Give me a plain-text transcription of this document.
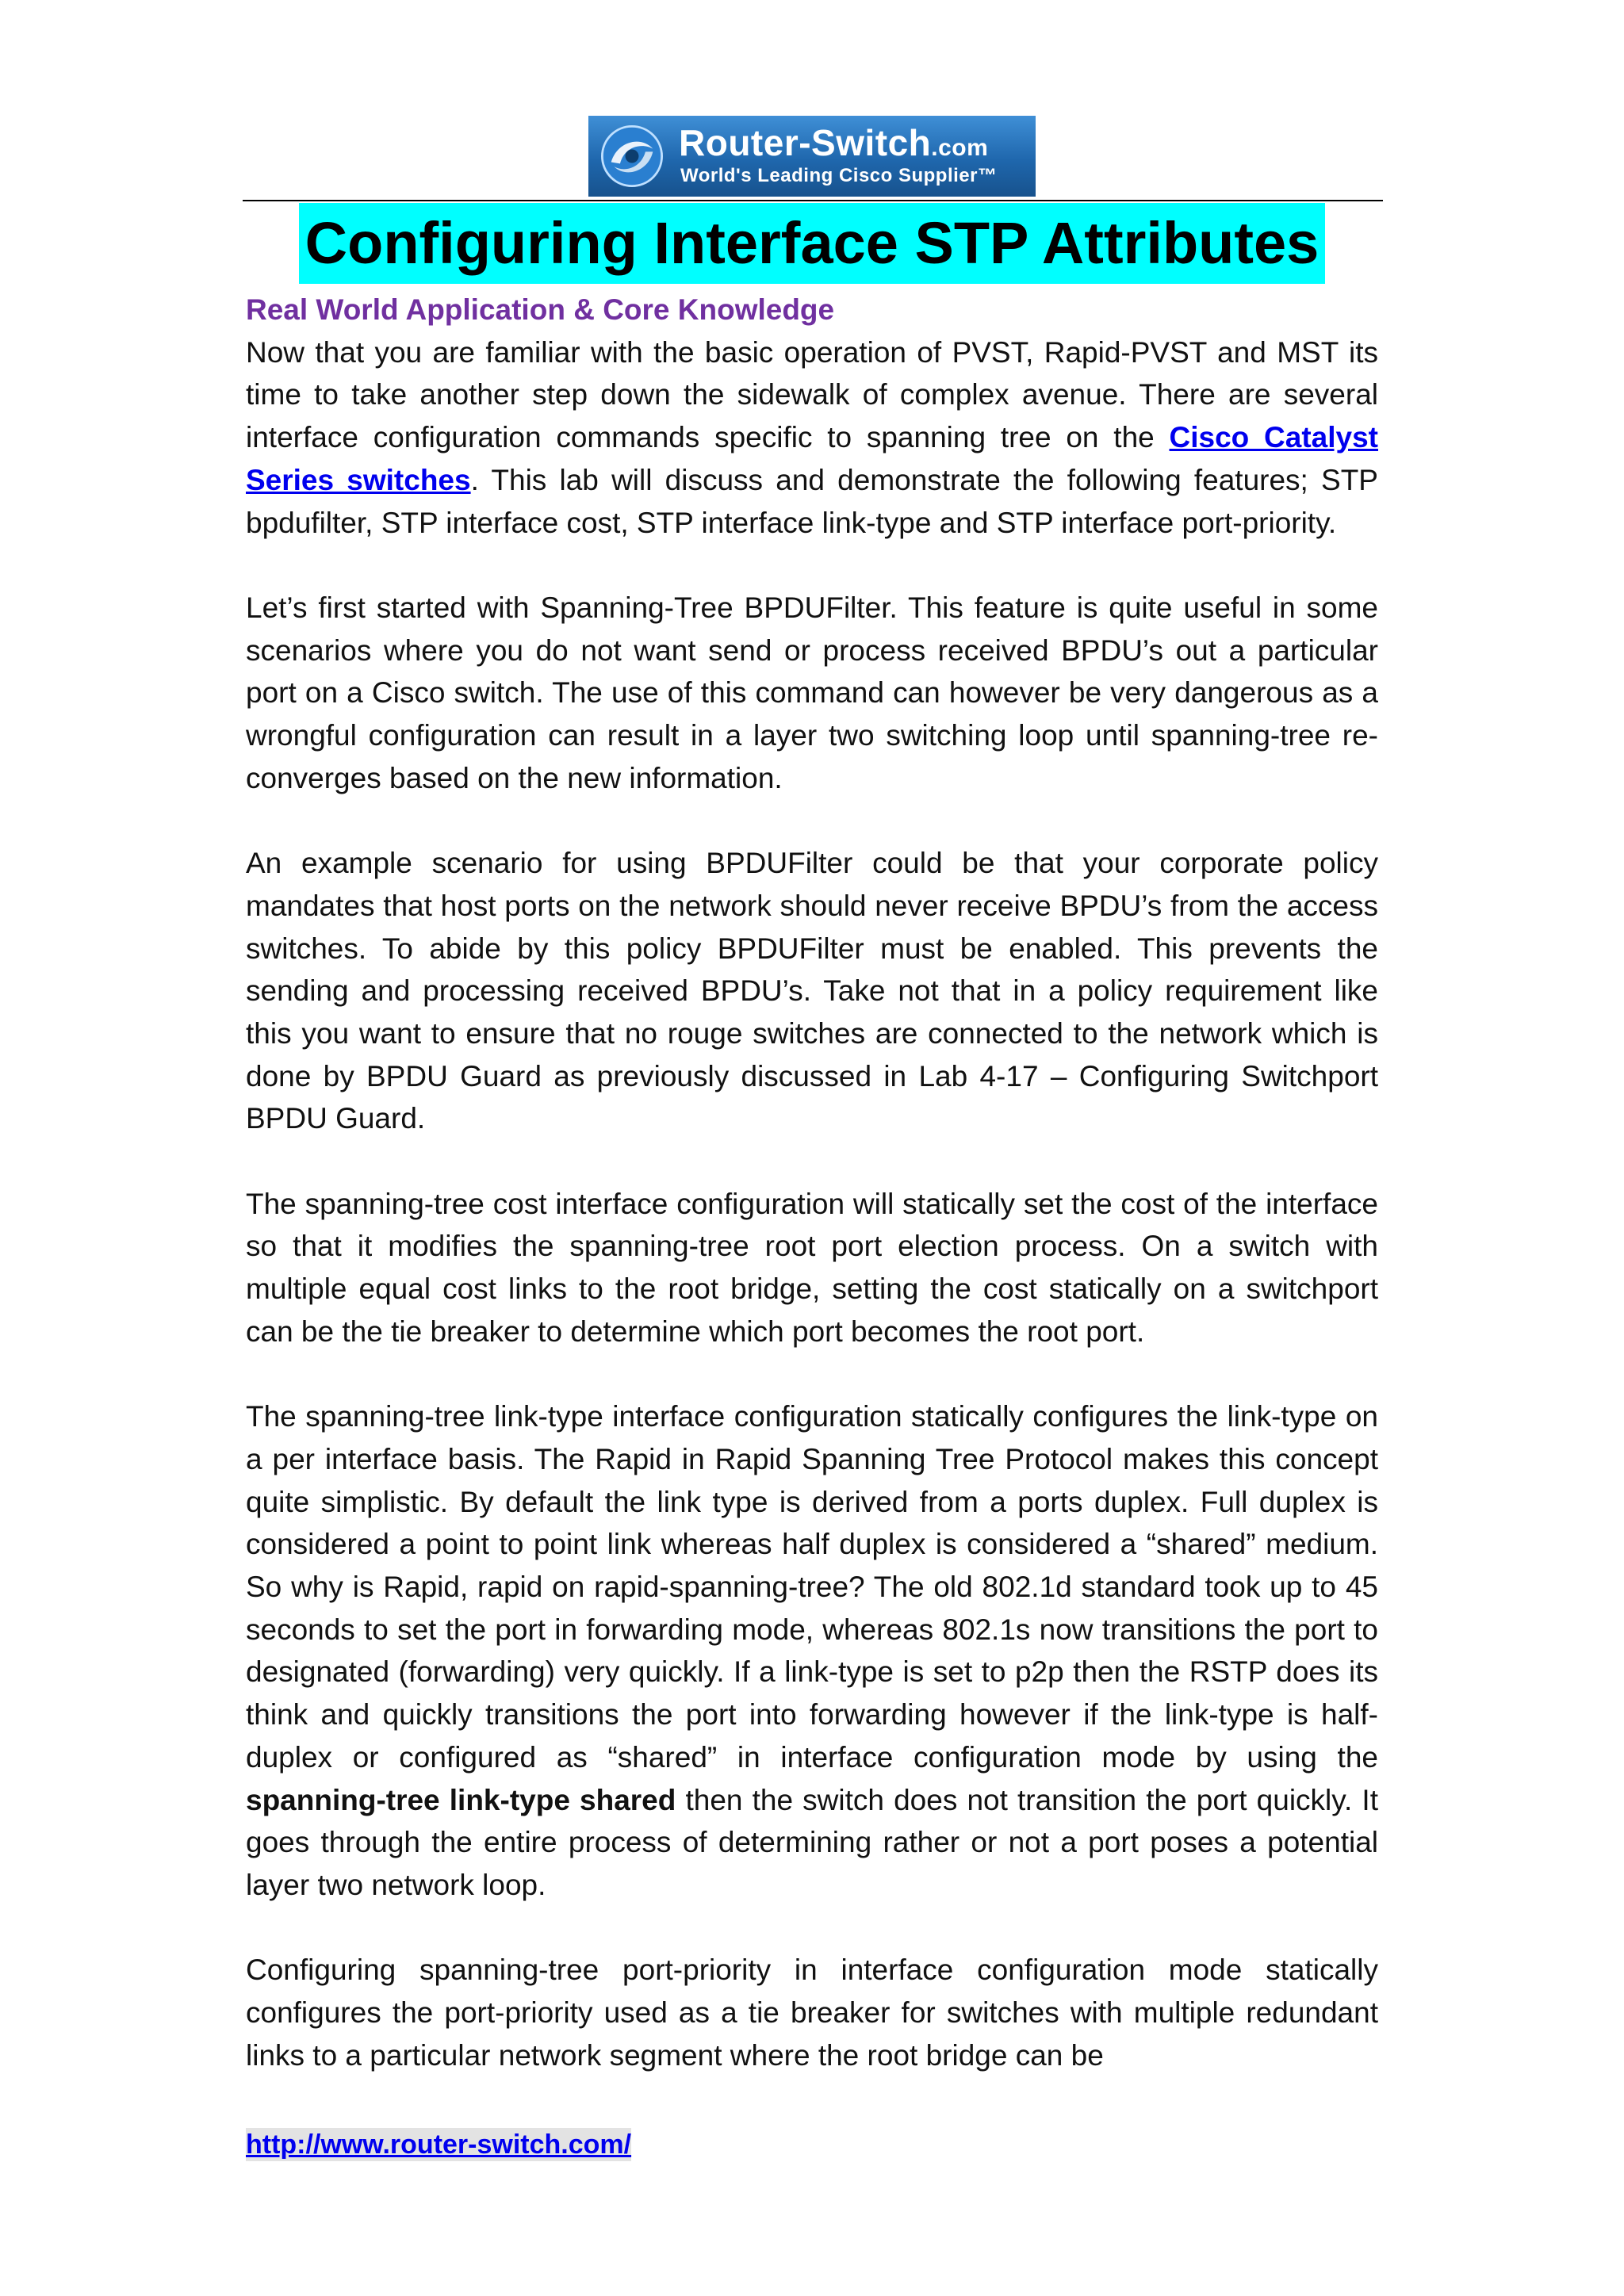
Router-Switch.com
World's Leading Cisco Supplier™
Configuring Interface STP Attributes

Real World Application & Core Knowledge

Now that you are familiar with the basic operation of PVST, Rapid-PVST and MST its time to take another step down the sidewalk of complex avenue. There are several interface configuration commands specific to spanning tree on the Cisco Catalyst Series switches. This lab will discuss and demonstrate the following features; STP bpdufilter, STP interface cost, STP interface link-type and STP interface port-priority.

Let’s first started with Spanning-Tree BPDUFilter. This feature is quite useful in some scenarios where you do not want send or process received BPDU’s out a particular port on a Cisco switch. The use of this command can however be very dangerous as a wrongful configuration can result in a layer two switching loop until spanning-tree re-converges based on the new information.

An example scenario for using BPDUFilter could be that your corporate policy mandates that host ports on the network should never receive BPDU’s from the access switches. To abide by this policy BPDUFilter must be enabled. This prevents the sending and processing received BPDU’s. Take not that in a policy requirement like this you want to ensure that no rouge switches are connected to the network which is done by BPDU Guard as previously discussed in Lab 4-17 – Configuring Switchport BPDU Guard.

The spanning-tree cost interface configuration will statically set the cost of the interface so that it modifies the spanning-tree root port election process. On a switch with multiple equal cost links to the root bridge, setting the cost statically on a switchport can be the tie breaker to determine which port becomes the root port.

The spanning-tree link-type interface configuration statically configures the link-type on a per interface basis. The Rapid in Rapid Spanning Tree Protocol makes this concept quite simplistic. By default the link type is derived from a ports duplex. Full duplex is considered a point to point link whereas half duplex is considered a “shared” medium. So why is Rapid, rapid on rapid-spanning-tree? The old 802.1d standard took up to 45 seconds to set the port in forwarding mode, whereas 802.1s now transitions the port to designated (forwarding) very quickly. If a link-type is set to p2p then the RSTP does its think and quickly transitions the port into forwarding however if the link-type is half-duplex or configured as “shared” in interface configuration mode by using the spanning-tree link-type shared then the switch does not transition the port quickly. It goes through the entire process of determining rather or not a port poses a potential layer two network loop.

Configuring spanning-tree port-priority in interface configuration mode statically configures the port-priority used as a tie breaker for switches with multiple redundant links to a particular network segment where the root bridge can be

http://www.router-switch.com/
